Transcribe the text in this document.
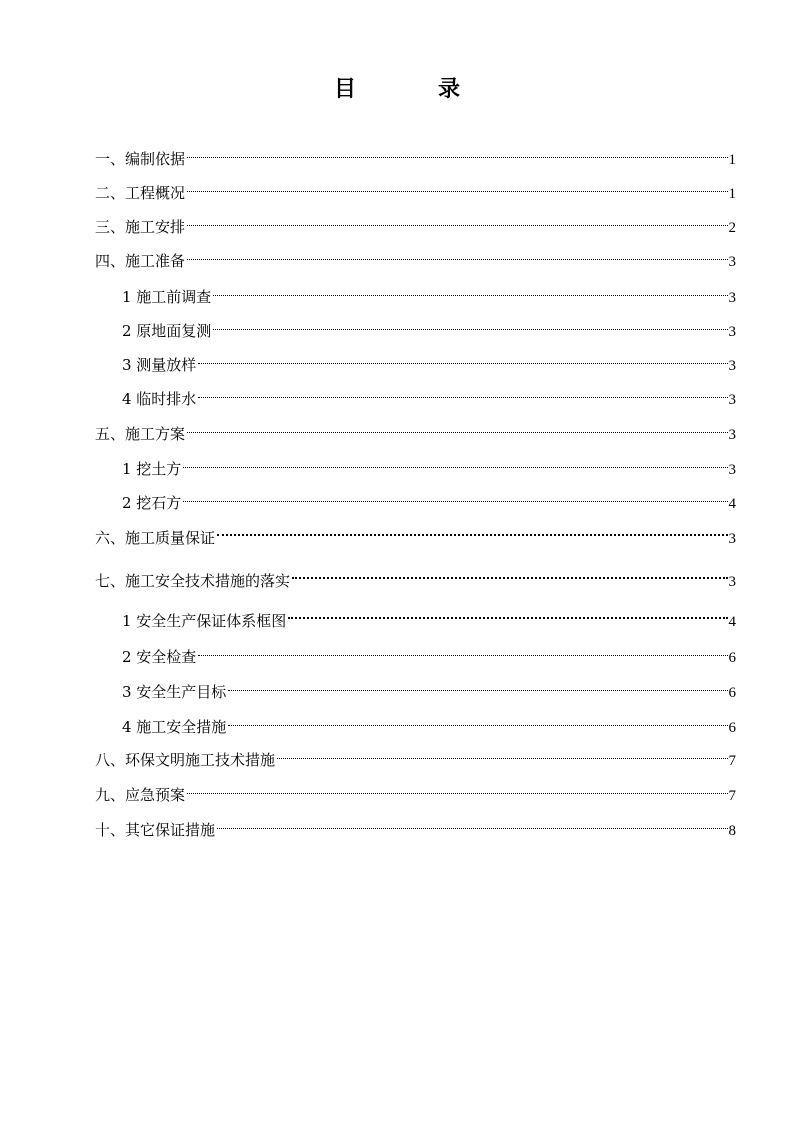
目　录
一、编制依据	1
二、工程概况	1
三、施工安排	2
四、施工准备	3
1 施工前调查	3
2 原地面复测	3
3 测量放样	3
4 临时排水	3
五、施工方案	3
1 挖土方	3
2 挖石方	4
六、施工质量保证	3
七、施工安全技术措施的落实	3
1 安全生产保证体系框图	4
2 安全检查	6
3 安全生产目标	6
4 施工安全措施	6
八、环保文明施工技术措施	7
九、应急预案	7
十、其它保证措施	8
